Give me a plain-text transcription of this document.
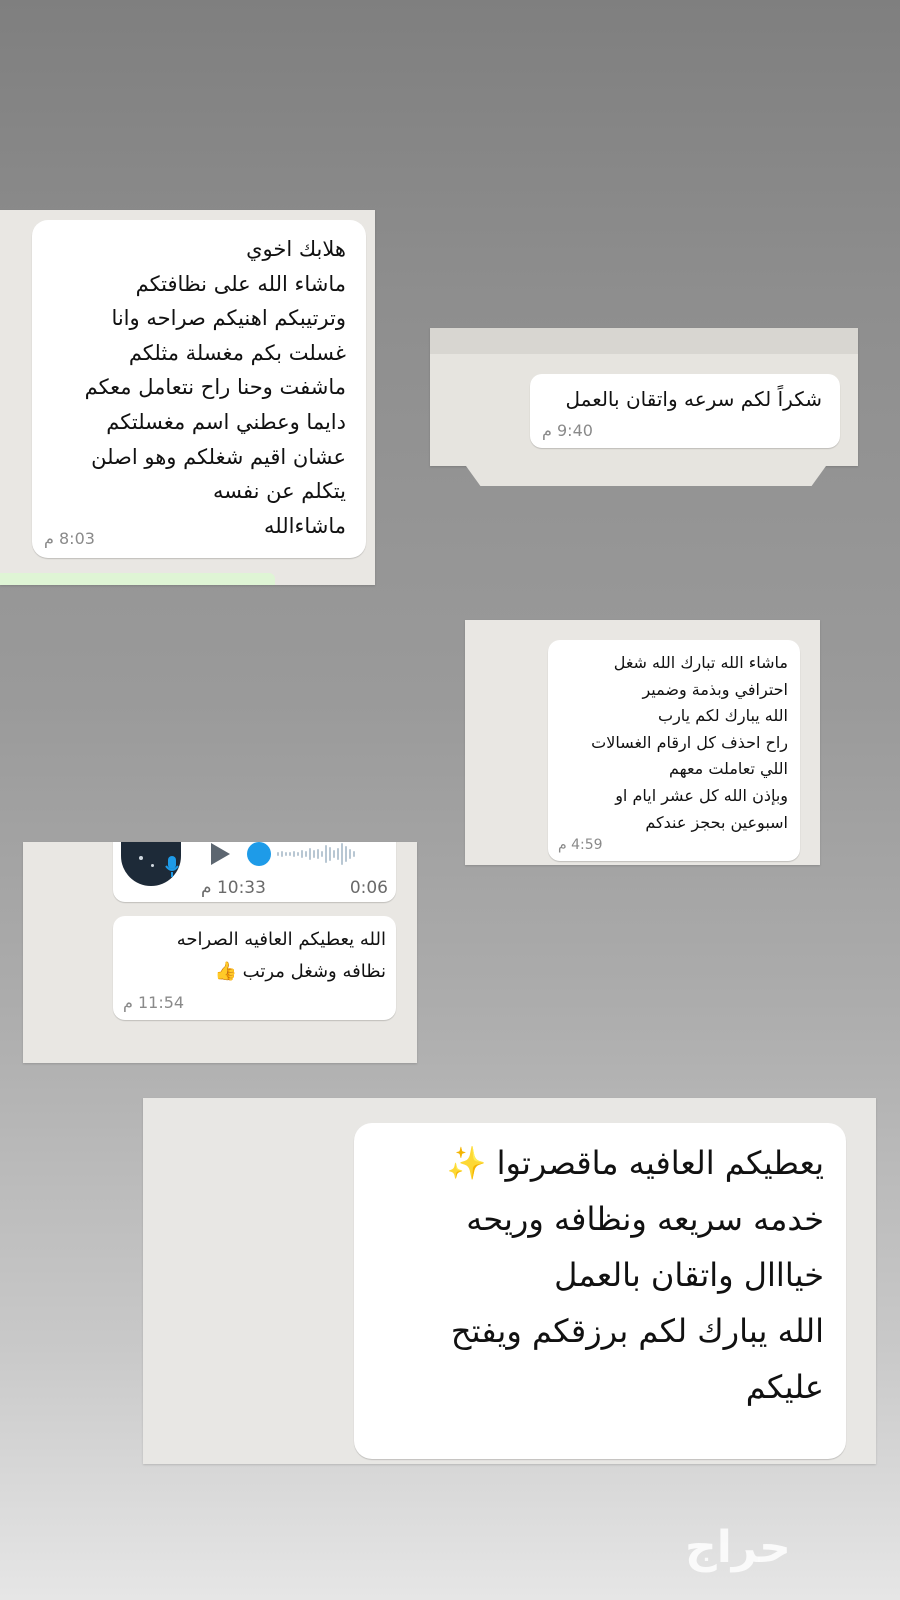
هلابك اخوي
ماشاء الله على نظافتكم
وترتيبكم اهنيكم صراحه وانا
غسلت بكم مغسلة مثلكم
ماشفت وحنا راح نتعامل معكم
دايما وعطني اسم مغسلتكم
عشان اقيم شغلكم وهو اصلن
يتكلم عن نفسه
ماشاءالله

8:03 م

شكراً لكم سرعه واتقان بالعمل

9:40 م

ماشاء الله تبارك الله شغل
احترافي وبذمة وضمير
الله يبارك لكم يارب
راح احذف كل ارقام الغسالات
اللي تعاملت معهم
وبإذن الله كل عشر ايام او
اسبوعين بحجز عندكم

4:59 م
0:06
10:33 م

الله يعطيكم العافيه الصراحه
نظافه وشغل مرتب 👍

11:54 م

يعطيكم العافيه ماقصرتوا ✨
خدمه سريعه ونظافه وريحه
خيااال واتقان بالعمل
الله يبارك لكم برزقكم ويفتح
عليكم

حراج
